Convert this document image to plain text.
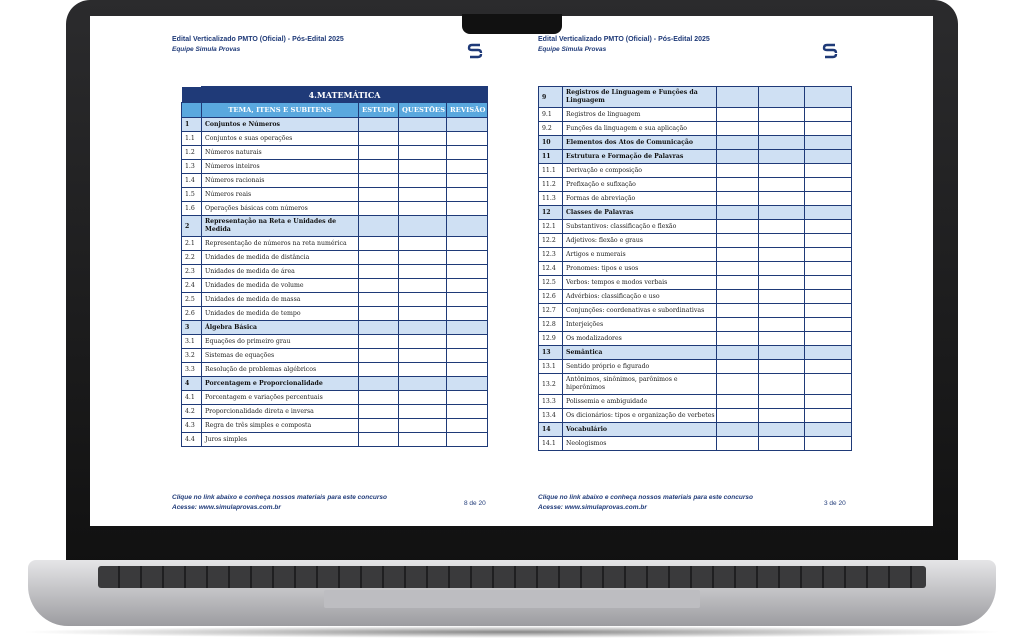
Edital Verticalizado PMTO (Oficial) - Pós-Edital 2025
Equipe Simula Provas
	4.MATEMÁTICA			
	TEMA, ITENS E SUBITENS	ESTUDO	QUESTÕES	REVISÃO
1	Conjuntos e Números			
1.1	Conjuntos e suas operações			
1.2	Números naturais			
1.3	Números inteiros			
1.4	Números racionais			
1.5	Números reais			
1.6	Operações básicas com números			
2	Representação na Reta e Unidades de Medida			
2.1	Representação de números na reta numérica			
2.2	Unidades de medida de distância			
2.3	Unidades de medida de área			
2.4	Unidades de medida de volume			
2.5	Unidades de medida de massa			
2.6	Unidades de medida de tempo			
3	Álgebra Básica			
3.1	Equações do primeiro grau			
3.2	Sistemas de equações			
3.3	Resolução de problemas algébricos			
4	Porcentagem e Proporcionalidade			
4.1	Porcentagem e variações percentuais			
4.2	Proporcionalidade direta e inversa			
4.3	Regra de três simples e composta			
4.4	Juros simples			
Clique no link abaixo e conheça nossos materiais para este concurso
Acesse: www.simulaprovas.com.br
8 de 20
Edital Verticalizado PMTO (Oficial) - Pós-Edital 2025
Equipe Simula Provas
9	Registros de Linguagem e Funções da Linguagem			
9.1	Registros de linguagem			
9.2	Funções da linguagem e sua aplicação			
10	Elementos dos Atos de Comunicação			
11	Estrutura e Formação de Palavras			
11.1	Derivação e composição			
11.2	Prefixação e sufixação			
11.3	Formas de abreviação			
12	Classes de Palavras			
12.1	Substantivos: classificação e flexão			
12.2	Adjetivos: flexão e graus			
12.3	Artigos e numerais			
12.4	Pronomes: tipos e usos			
12.5	Verbos: tempos e modos verbais			
12.6	Advérbios: classificação e uso			
12.7	Conjunções: coordenativas e subordinativas			
12.8	Interjeições			
12.9	Os modalizadores			
13	Semântica			
13.1	Sentido próprio e figurado			
13.2	Antônimos, sinônimos, parônimos e hiperônimos			
13.3	Polissemia e ambiguidade			
13.4	Os dicionários: tipos e organização de verbetes			
14	Vocabulário			
14.1	Neologismos			
Clique no link abaixo e conheça nossos materiais para este concurso
Acesse: www.simulaprovas.com.br
3 de 20
